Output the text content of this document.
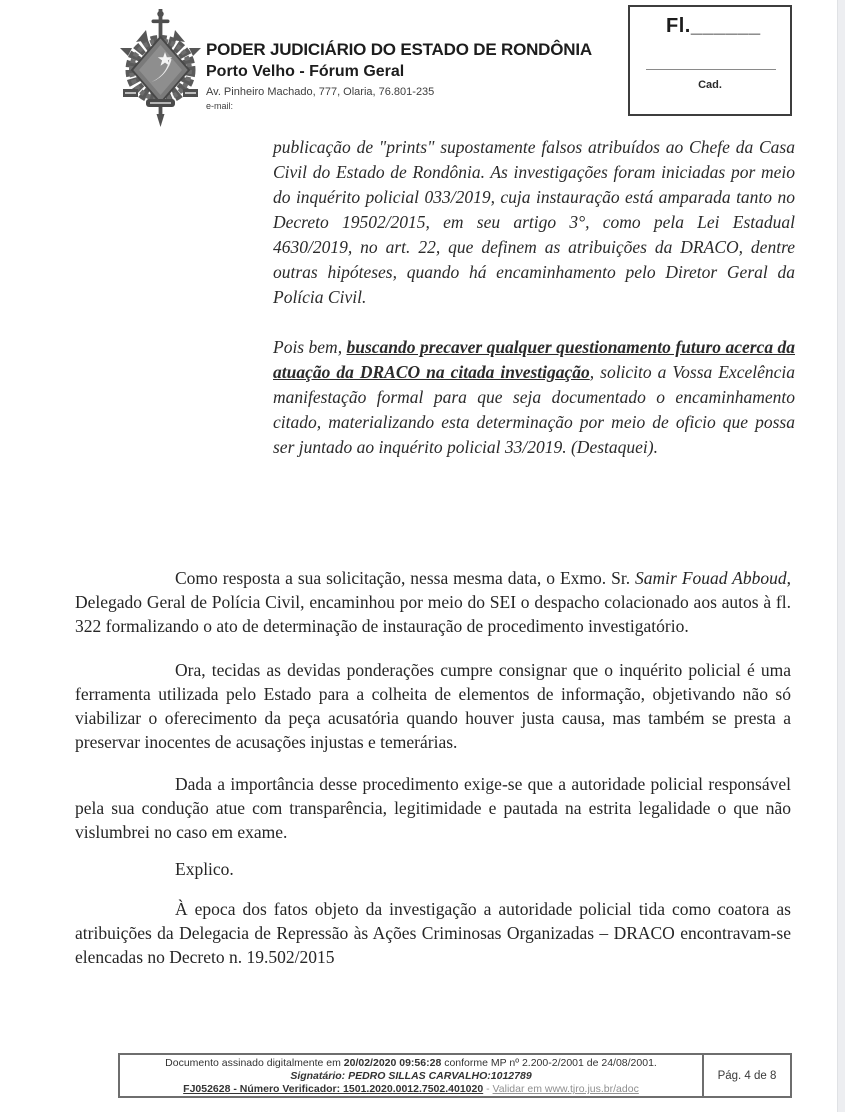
PODER JUDICIÁRIO DO ESTADO DE RONDÔNIA
Porto Velho - Fórum Geral
Av. Pinheiro Machado, 777, Olaria, 76.801-235
e-mail:
Fl.______
Cad.

publicação de "prints" supostamente falsos atribuídos ao Chefe da Casa Civil do Estado de Rondônia. As investigações foram iniciadas por meio do inquérito policial 033/2019, cuja instauração está amparada tanto no Decreto 19502/2015, em seu artigo 3°, como pela Lei Estadual 4630/2019, no art. 22, que definem as atribuições da DRACO, dentre outras hipóteses, quando há encaminhamento pelo Diretor Geral da Polícia Civil.

Pois bem, buscando precaver qualquer questionamento futuro acerca da atuação da DRACO na citada investigação, solicito a Vossa Excelência manifestação formal para que seja documentado o encaminhamento citado, materializando esta determinação por meio de oficio que possa ser juntado ao inquérito policial 33/2019. (Destaquei).

Como resposta a sua solicitação, nessa mesma data, o Exmo. Sr. Samir Fouad Abboud, Delegado Geral de Polícia Civil, encaminhou por meio do SEI o despacho colacionado aos autos à fl. 322 formalizando o ato de determinação de instauração de procedimento investigatório.

Ora, tecidas as devidas ponderações cumpre consignar que o inquérito policial é uma ferramenta utilizada pelo Estado para a colheita de elementos de informação, objetivando não só viabilizar o oferecimento da peça acusatória quando houver justa causa, mas também se presta a preservar inocentes de acusações injustas e temerárias.

Dada a importância desse procedimento exige-se que a autoridade policial responsável pela sua condução atue com transparência, legitimidade e pautada na estrita legalidade o que não vislumbrei no caso em exame.

Explico.

À epoca dos fatos objeto da investigação a autoridade policial tida como coatora as atribuições da Delegacia de Repressão às Ações Criminosas Organizadas – DRACO encontravam-se elencadas no Decreto n. 19.502/2015

Documento assinado digitalmente em 20/02/2020 09:56:28 conforme MP nº 2.200-2/2001 de 24/08/2001.
Signatário: PEDRO SILLAS CARVALHO:1012789
FJ052628 - Número Verificador: 1501.2020.0012.7502.401020 - Validar em www.tjro.jus.br/adoc
Pág. 4 de 8
